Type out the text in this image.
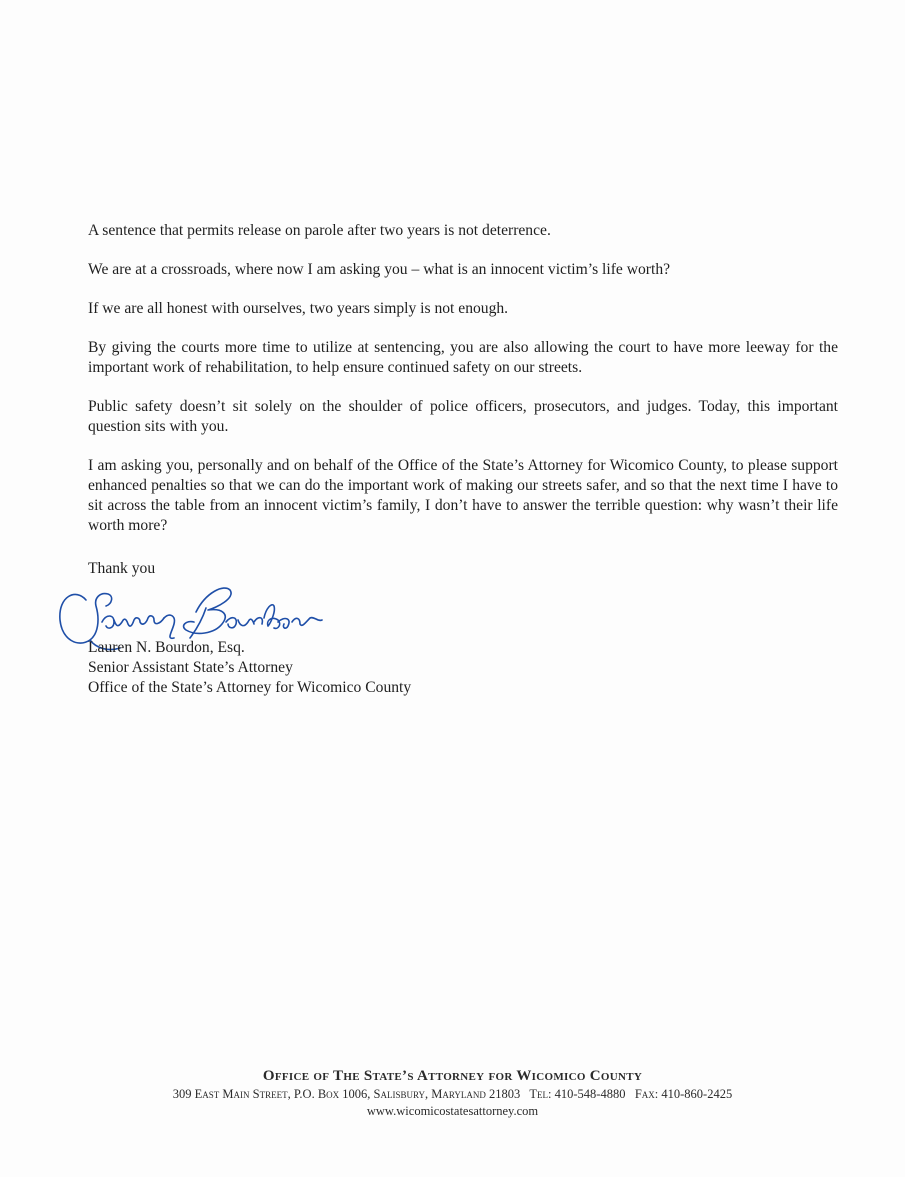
A sentence that permits release on parole after two years is not deterrence.

We are at a crossroads, where now I am asking you – what is an innocent victim’s life worth?

If we are all honest with ourselves, two years simply is not enough.

By giving the courts more time to utilize at sentencing, you are also allowing the court to have more leeway for the important work of rehabilitation, to help ensure continued safety on our streets.

Public safety doesn’t sit solely on the shoulder of police officers, prosecutors, and judges. Today, this important question sits with you.

I am asking you, personally and on behalf of the Office of the State’s Attorney for Wicomico County, to please support enhanced penalties so that we can do the important work of making our streets safer, and so that the next time I have to sit across the table from an innocent victim’s family, I don’t have to answer the terrible question: why wasn’t their life worth more?

Thank you
Lauren N. Bourdon, Esq.
Senior Assistant State’s Attorney
Office of the State’s Attorney for Wicomico County
Office of The State’s Attorney for Wicomico County
309 East Main Street, P.O. Box 1006, Salisbury, Maryland 21803   Tel: 410-548-4880   Fax: 410-860-2425
www.wicomicostatesattorney.com
